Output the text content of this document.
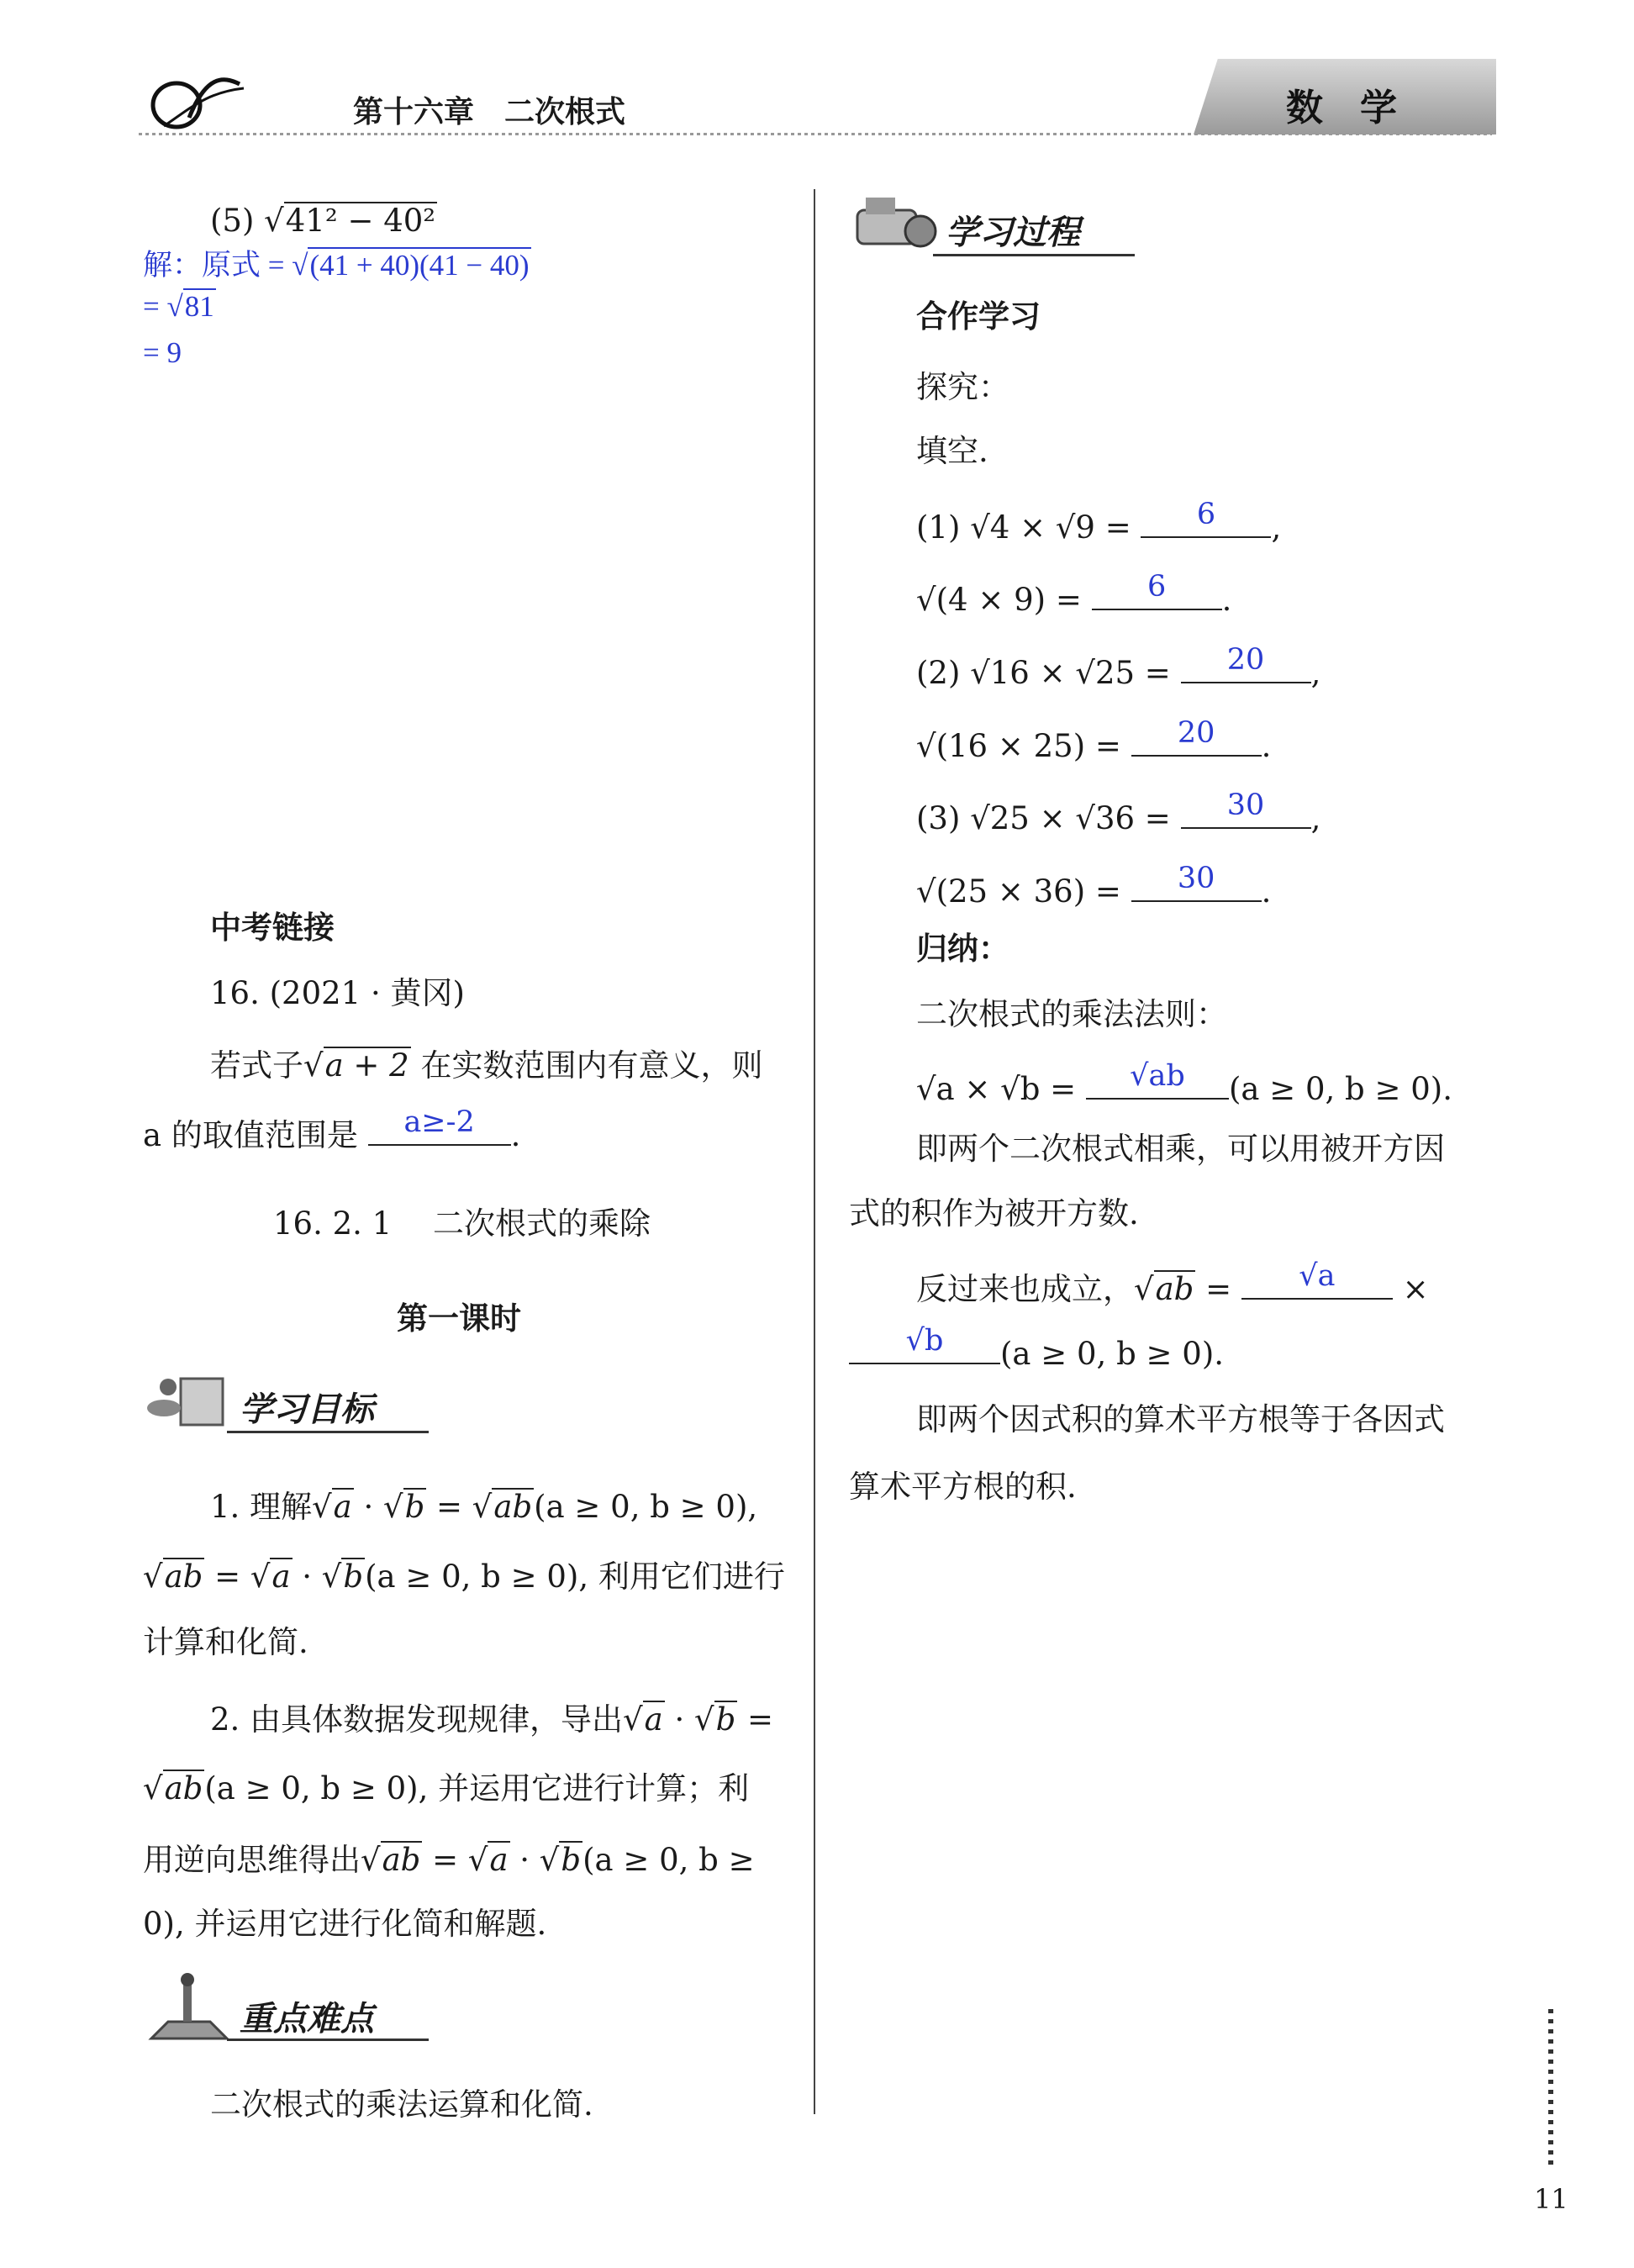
第十六章　二次根式	数　学
(5) √41² − 40²
解：原式 = √(41 + 40)(41 − 40)
= √81
= 9
中考链接
16. (2021 · 黄冈)
若式子√a + 2 在实数范围内有意义，则
a 的取值范围是	a≥-2	.
16. 2. 1　 二次根式的乘除
第一课时
学习目标
1. 理解√a · √b = √ab(a ≥ 0, b ≥ 0),
√ab = √a · √b(a ≥ 0, b ≥ 0), 利用它们进行
计算和化简.
2. 由具体数据发现规律，导出√a · √b =
√ab(a ≥ 0, b ≥ 0), 并运用它进行计算；利
用逆向思维得出√ab = √a · √b(a ≥ 0, b ≥
0), 并运用它进行化简和解题.
重点难点
二次根式的乘法运算和化简.
学习过程
合作学习
探究：
填空.
(1) √4 × √9 =	6	,
√(4 × 9) =	6	.
(2) √16 × √25 =	20	,
√(16 × 25) =	20	.
(3) √25 × √36 =	30	,
√(25 × 36) =	30	.
归纳：
二次根式的乘法法则：
√a × √b =	√ab	(a ≥ 0, b ≥ 0).
即两个二次根式相乘，可以用被开方因
式的积作为被开方数.
反过来也成立，√ab =	√a	×
√b	(a ≥ 0, b ≥ 0).
即两个因式积的算术平方根等于各因式
算术平方根的积.
11
